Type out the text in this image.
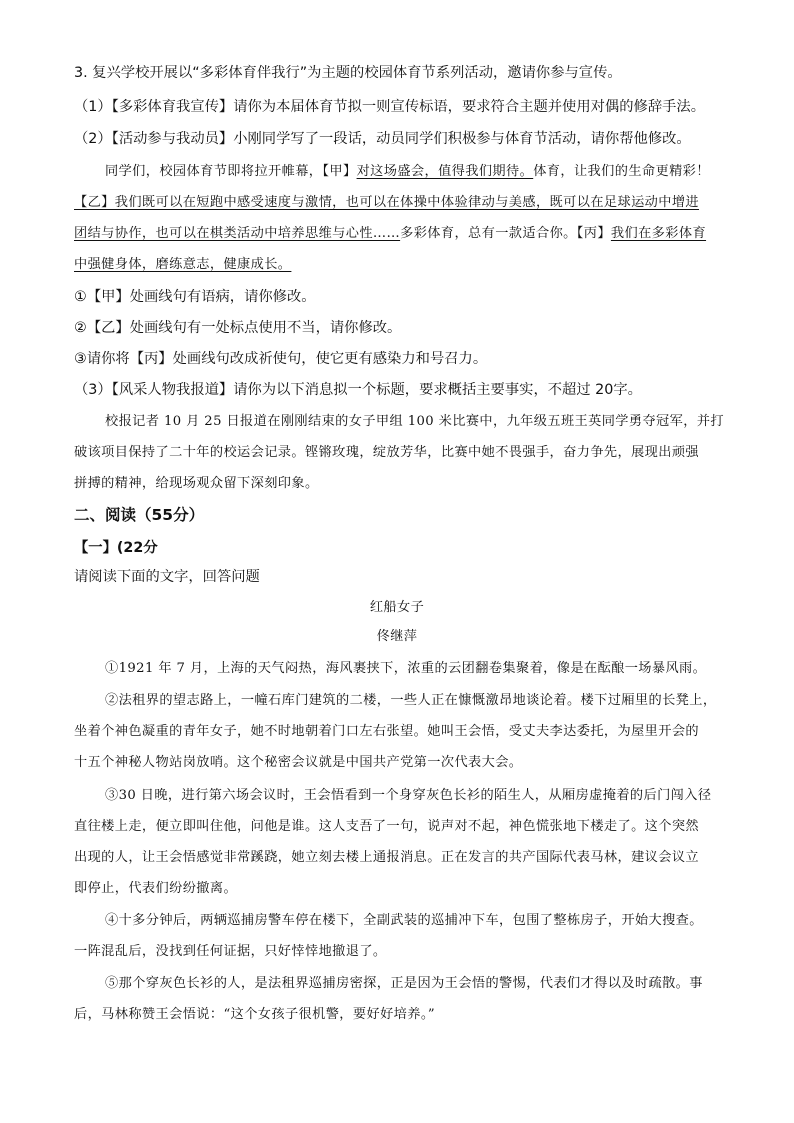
3. 复兴学校开展以“多彩体育伴我行”为主题的校园体育节系列活动，邀请你参与宣传。
（1）【多彩体育我宣传】请你为本届体育节拟一则宣传标语，要求符合主题并使用对偶的修辞手法。
（2）【活动参与我动员】小刚同学写了一段话，动员同学们积极参与体育节活动，请你帮他修改。
同学们，校园体育节即将拉开帷幕，【甲】对这场盛会，值得我们期待。体育，让我们的生命更精彩！
【乙】我们既可以在短跑中感受速度与激情，也可以在体操中体验律动与美感，既可以在足球运动中增进
团结与协作，也可以在棋类活动中培养思维与心性……多彩体育，总有一款适合你。【丙】我们在多彩体育
中强健身体，磨练意志，健康成长。
①【甲】处画线句有语病，请你修改。
②【乙】处画线句有一处标点使用不当，请你修改。
③请你将【丙】处画线句改成祈使句，使它更有感染力和号召力。
（3）【风采人物我报道】请你为以下消息拟一个标题，要求概括主要事实，不超过 20字。
校报记者 10 月 25 日报道在刚刚结束的女子甲组 100 米比赛中，九年级五班王英同学勇夺冠军，并打
破该项目保持了二十年的校运会记录。铿锵玫瑰，绽放芳华，比赛中她不畏强手，奋力争先，展现出顽强
拼搏的精神，给现场观众留下深刻印象。
二、阅读（55分）
【一】(22分
请阅读下面的文字，回答问题
红船女子
佟继萍
①1921 年 7 月，上海的天气闷热，海风裹挟下，浓重的云团翻卷集聚着，像是在酝酿一场暴风雨。
②法租界的望志路上，一幢石库门建筑的二楼，一些人正在慷慨激昂地谈论着。楼下过厢里的长凳上，
坐着个神色凝重的青年女子，她不时地朝着门口左右张望。她叫王会悟，受丈夫李达委托，为屋里开会的
十五个神秘人物站岗放哨。这个秘密会议就是中国共产党第一次代表大会。
③30 日晚，进行第六场会议时，王会悟看到一个身穿灰色长衫的陌生人，从厢房虚掩着的后门闯入径
直往楼上走，便立即叫住他，问他是谁。这人支吾了一句，说声对不起，神色慌张地下楼走了。这个突然
出现的人，让王会悟感觉非常蹊跷，她立刻去楼上通报消息。正在发言的共产国际代表马林，建议会议立
即停止，代表们纷纷撤离。
④十多分钟后，两辆巡捕房警车停在楼下，全副武装的巡捕冲下车，包围了整栋房子，开始大搜查。
一阵混乱后，没找到任何证据，只好悻悻地撤退了。
⑤那个穿灰色长衫的人，是法租界巡捕房密探，正是因为王会悟的警惕，代表们才得以及时疏散。事
后，马林称赞王会悟说：“这个女孩子很机警，要好好培养。”
